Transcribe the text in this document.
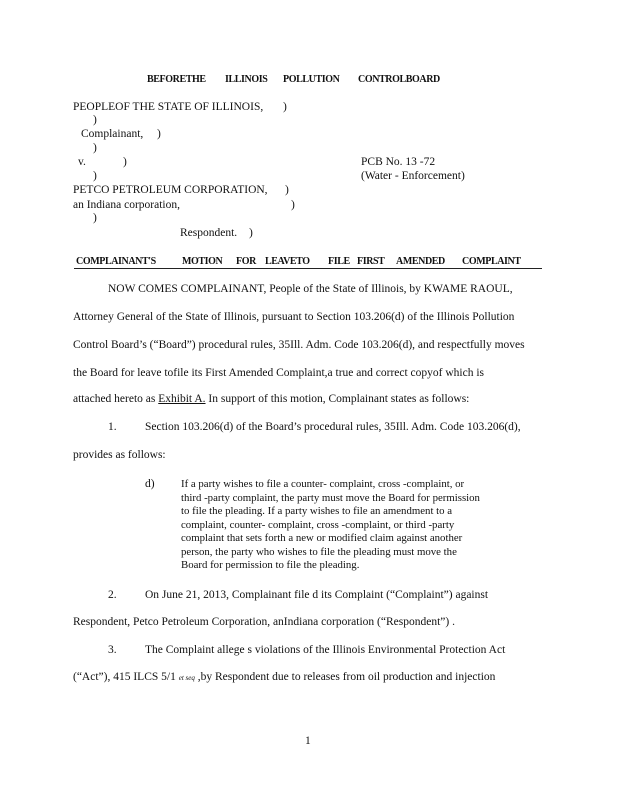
BEFORETHE ILLINOIS POLLUTION CONTROLBOARD
PEOPLEOF THE STATE OF ILLINOIS, )
)
Complainant, )
)
v.	)
)
PETCO PETROLEUM CORPORATION, )
an Indiana corporation,	)
)
Respondent. )
PCB No. 13 -72
(Water - Enforcement)
COMPLAINANT'S	MOTION FOR LEAVETO FILE FIRST AMENDED COMPLAINT
NOW COMES COMPLAINANT, People of the State of Illinois, by KWAME RAOUL,
Attorney General of the State of Illinois, pursuant to Section 103.206(d) of the Illinois Pollution
Control Board’s (“Board”) procedural rules, 35Ill. Adm. Code 103.206(d), and respectfully moves
the Board for leave tofile its First Amended Complaint,a true and correct copyof which is
attached hereto as Exhibit A. In support of this motion, Complainant states as follows:
1. Section 103.206(d) of the Board’s procedural rules, 35Ill. Adm. Code 103.206(d),
provides as follows:
d) If a party wishes to file a counter- complaint, cross -complaint, or
third -party complaint, the party must move the Board for permission
to file the pleading. If a party wishes to file an amendment to a
complaint, counter- complaint, cross -complaint, or third -party
complaint that sets forth a new or modified claim against another
person, the party who wishes to file the pleading must move the
Board for permission to file the pleading.
2. On June 21, 2013, Complainant file d its Complaint (“Complaint”) against
Respondent, Petco Petroleum Corporation, anIndiana corporation (“Respondent”) .
3. The Complaint allege s violations of the Illinois Environmental Protection Act
(“Act”), 415 ILCS 5/1 et seq ,by Respondent due to releases from oil production and injection
1
